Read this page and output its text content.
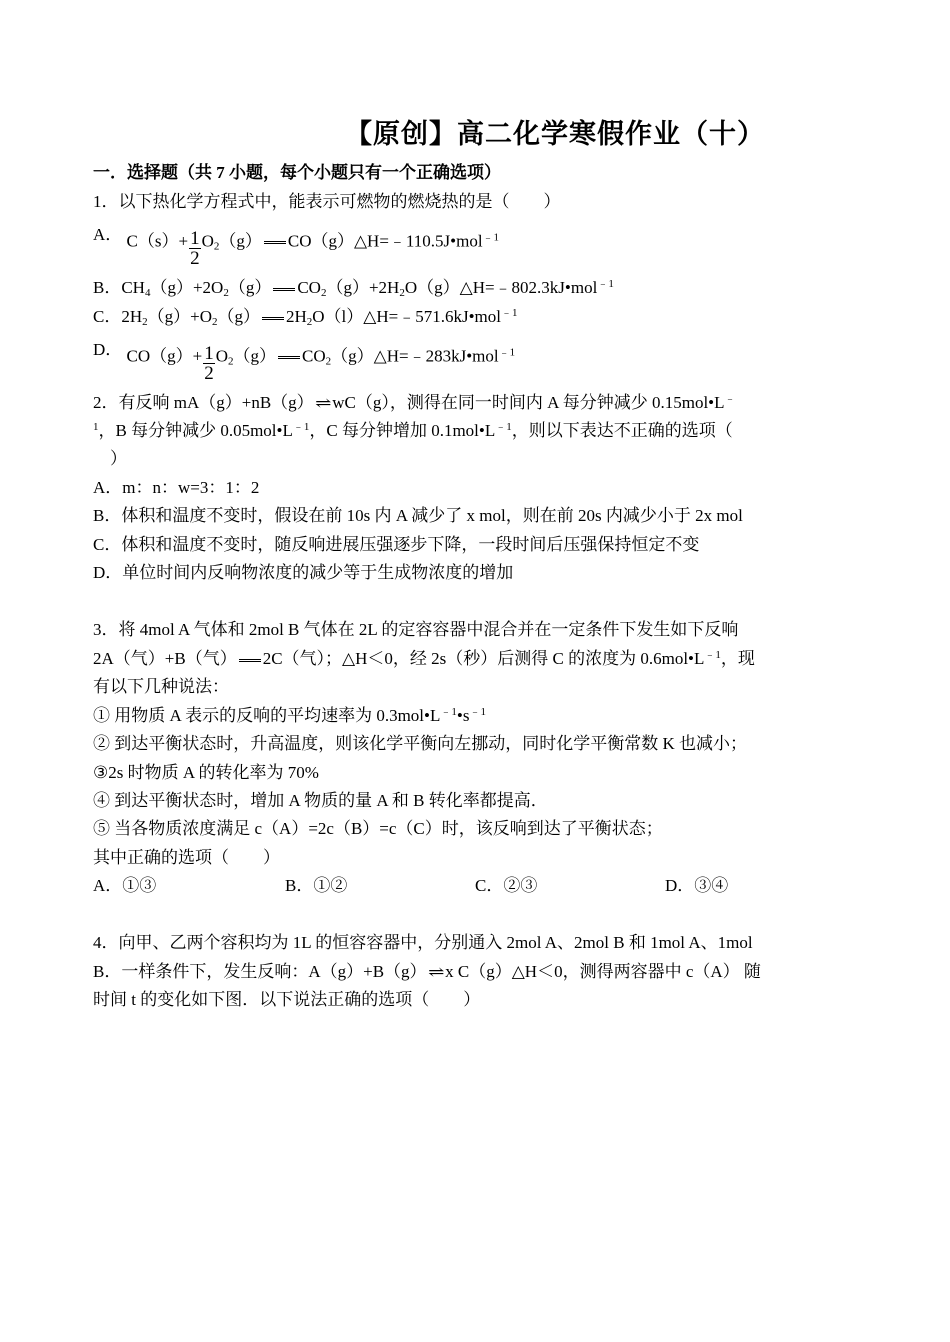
【原创】高二化学寒假作业（十）
一．选择题（共 7 小题，每个小题只有一个正确选项）
1．以下热化学方程式中，能表示可燃物的燃烧热的是（　　）
A． $C(s)+ \frac{1}{2} O_2(g)$ CO（g）△H=﹣110.5J•mol$^{﹣1}$
B．$CH_4(g)+2O_2(g)$ $CO_2(g)+2H_2O(g)\triangle H=﹣802.3kJ•mol^{﹣1}$
C．$2H_2(g)+O_2(g)$ $2H_2O(l)\triangle H=﹣571.6kJ•mol^{﹣1}$
D． $CO(g)+ \frac{1}{2} O_2(g)$ $CO_2(g)\triangle H=﹣283kJ•mol^{﹣1}$
2．有反响 mA（g）+nB（g）⇌wC（g），测得在同一时间内 A 每分钟减少 0.15mol•L﹣
$^1$，B 每分钟减少 $0.05mol•L^{﹣1}$，C 每分钟增加 $0.1mol•L^{﹣1}$，则以下表达不正确的选项（
　）
A．m：n：w=3：1：2
B．体积和温度不变时，假设在前 10s 内 A 减少了 x mol，则在前 20s 内减少小于 2x mol
C．体积和温度不变时，随反响进展压强逐步下降，一段时间后压强保持恒定不变
D．单位时间内反响物浓度的减少等于生成物浓度的增加
3．将 4mol A 气体和 2mol B 气体在 2L 的定容容器中混合并在一定条件下发生如下反响
2A（气）+B（气） 2C（气）；△H＜0，经 2s（秒）后测得 C 的浓度为 $0.6mol•L^{﹣1}$，现
有以下几种说法：
① 用物质 A 表示的反响的平均速率为 $0.3mol•L^{﹣1}•s^{﹣1}$
② 到达平衡状态时，升高温度，则该化学平衡向左挪动，同时化学平衡常数 K 也减小；
③2s 时物质 A 的转化率为 70%
④ 到达平衡状态时，增加 A 物质的量 A 和 B 转化率都提高．
⑤ 当各物质浓度满足 c（A）=2c（B）=c（C）时，该反响到达了平衡状态；
其中正确的选项（　　）
A．①③	B．①②	C．②③	D．③④
4．向甲、乙两个容积均为 1L 的恒容容器中，分别通入 2mol A、2mol B 和 1mol A、1mol
B．一样条件下，发生反响：A（g）+B（g）⇌x C（g）△H＜0，测得两容器中 c（A） 随
时间 t 的变化如下图．以下说法正确的选项（　　）
